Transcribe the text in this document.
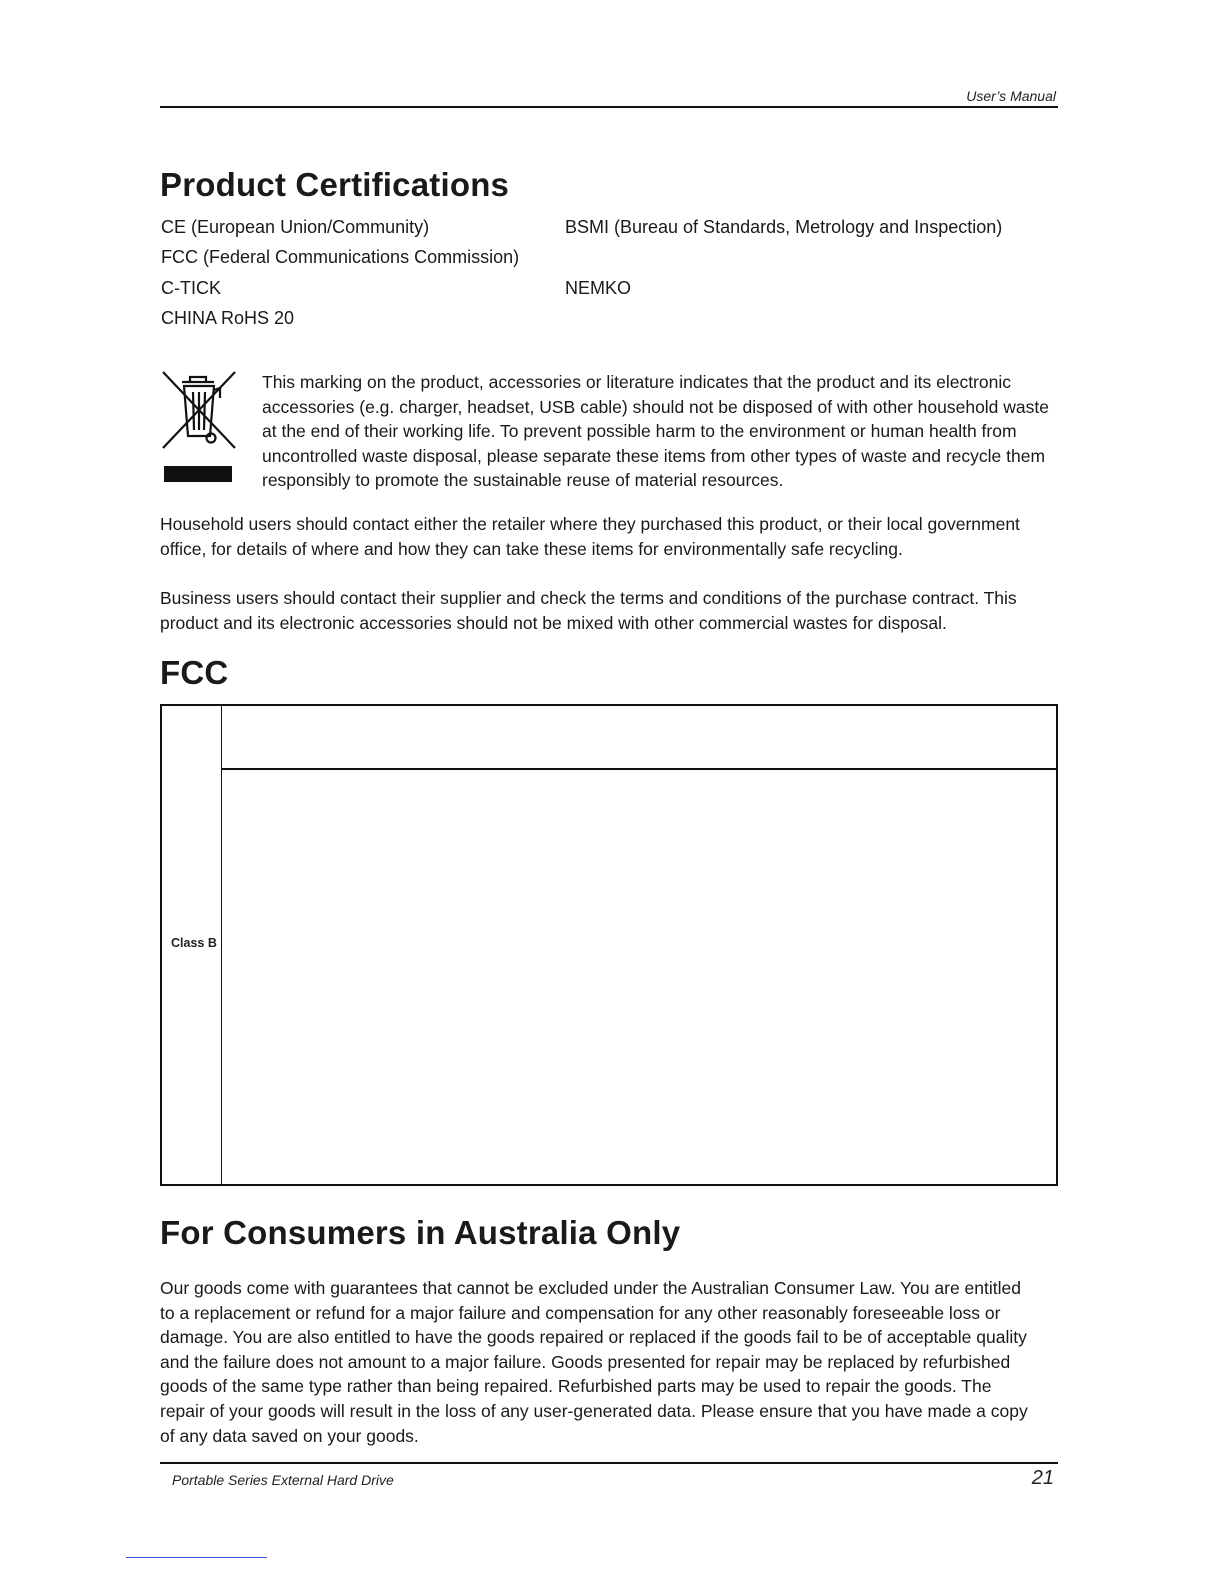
User’s Manual
Product Certifications
CE (European Union/Community)	BSMI (Bureau of Standards, Metrology and Inspection)
FCC (Federal Communications Commission)
C-TICK	NEMKO
CHINA RoHS 20

This marking on the product, accessories or literature indicates that the product and its electronic accessories (e.g. charger, headset, USB cable) should not be disposed of with other household waste at the end of their working life. To prevent possible harm to the environment or human health from uncontrolled waste disposal, please separate these items from other types of waste and recycle them responsibly to promote the sustainable reuse of material resources.

Household users should contact either the retailer where they purchased this product, or their local government office, for details of where and how they can take these items for environmentally safe recycling.

Business users should contact their supplier and check the terms and conditions of the purchase contract. This product and its electronic accessories should not be mixed with other commercial wastes for disposal.

FCC
Class B
For Consumers in Australia Only

Our goods come with guarantees that cannot be excluded under the Australian Consumer Law. You are entitled to a replacement or refund for a major failure and compensation for any other reasonably foreseeable loss or damage. You are also entitled to have the goods repaired or replaced if the goods fail to be of acceptable quality and the failure does not amount to a major failure. Goods presented for repair may be replaced by refurbished goods of the same type rather than being repaired. Refurbished parts may be used to repair the goods. The repair of your goods will result in the loss of any user-generated data. Please ensure that you have made a copy of any data saved on your goods.

Portable Series External Hard Drive	21
